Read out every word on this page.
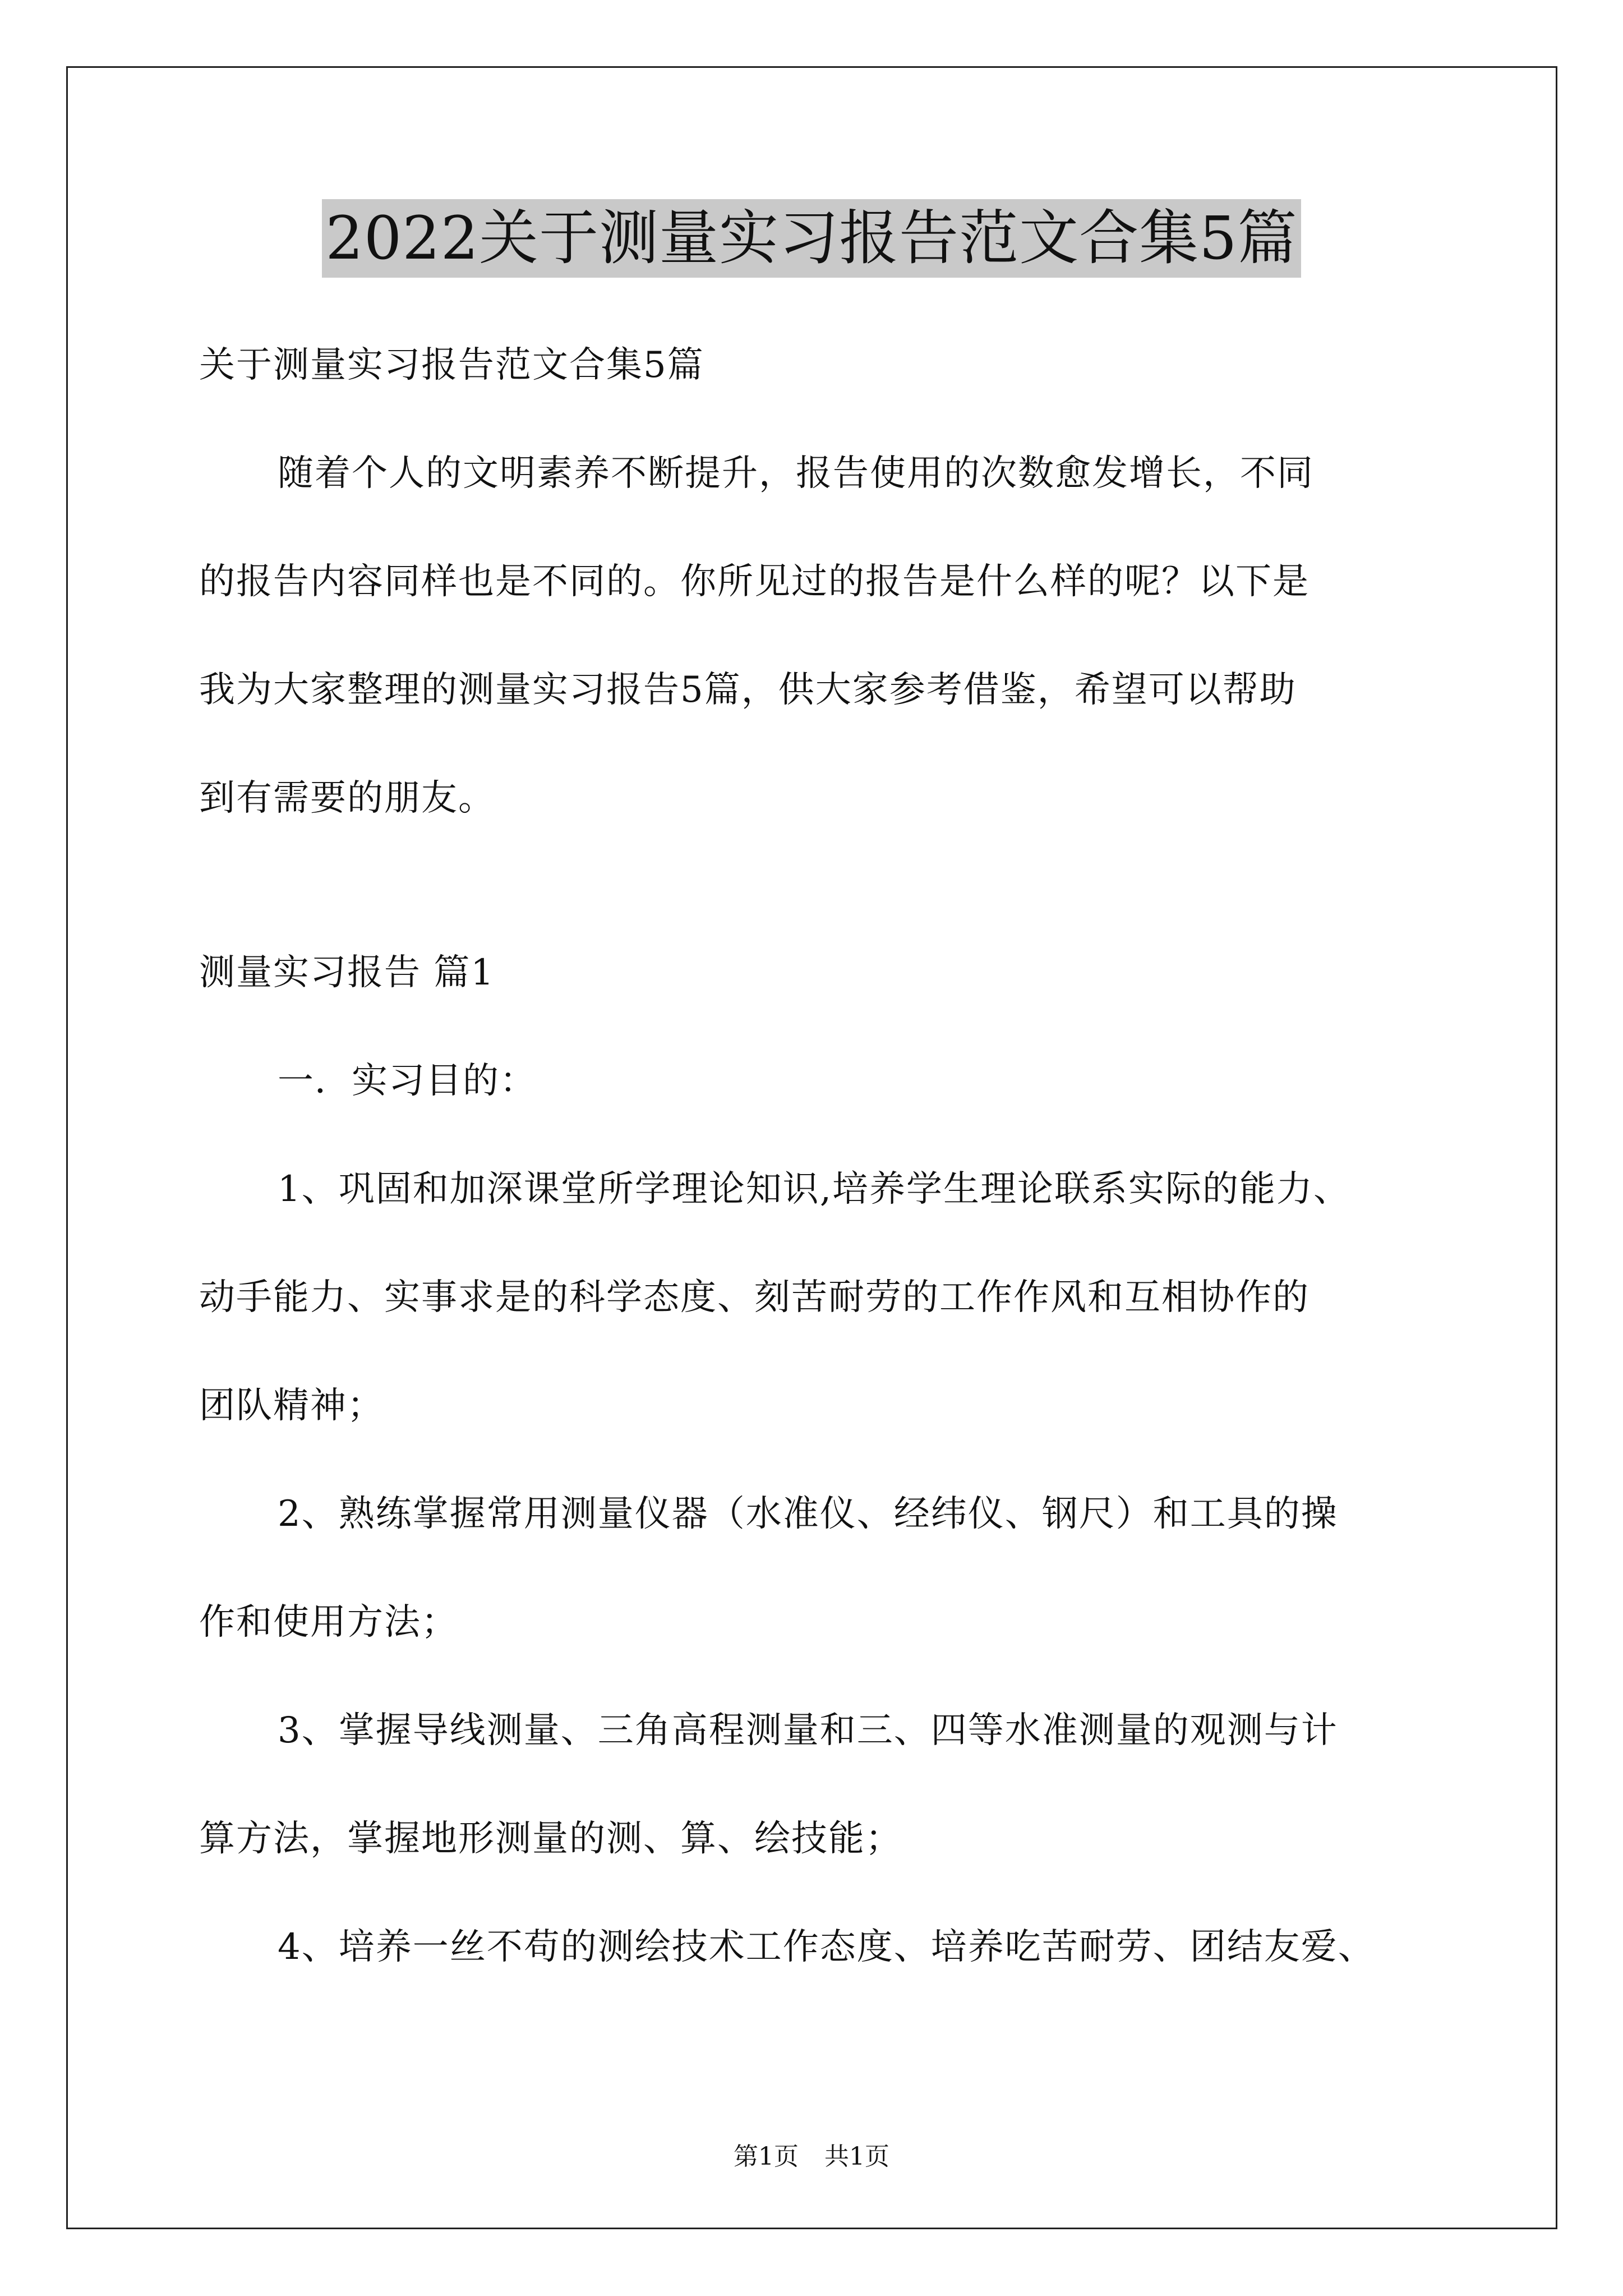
2022关于测量实习报告范文合集5篇

关于测量实习报告范文合集5篇

随着个人的文明素养不断提升，报告使用的次数愈发增长，不同

的报告内容同样也是不同的。你所见过的报告是什么样的呢？以下是

我为大家整理的测量实习报告5篇，供大家参考借鉴，希望可以帮助

到有需要的朋友。

测量实习报告 篇1

一．实习目的：

1、巩固和加深课堂所学理论知识,培养学生理论联系实际的能力、

动手能力、实事求是的科学态度、刻苦耐劳的工作作风和互相协作的

团队精神；

2、熟练掌握常用测量仪器（水准仪、经纬仪、钢尺）和工具的操

作和使用方法；

3、掌握导线测量、三角高程测量和三、四等水准测量的观测与计

算方法，掌握地形测量的测、算、绘技能；

4、培养一丝不苟的测绘技术工作态度、培养吃苦耐劳、团结友爱、

第1页 共1页
